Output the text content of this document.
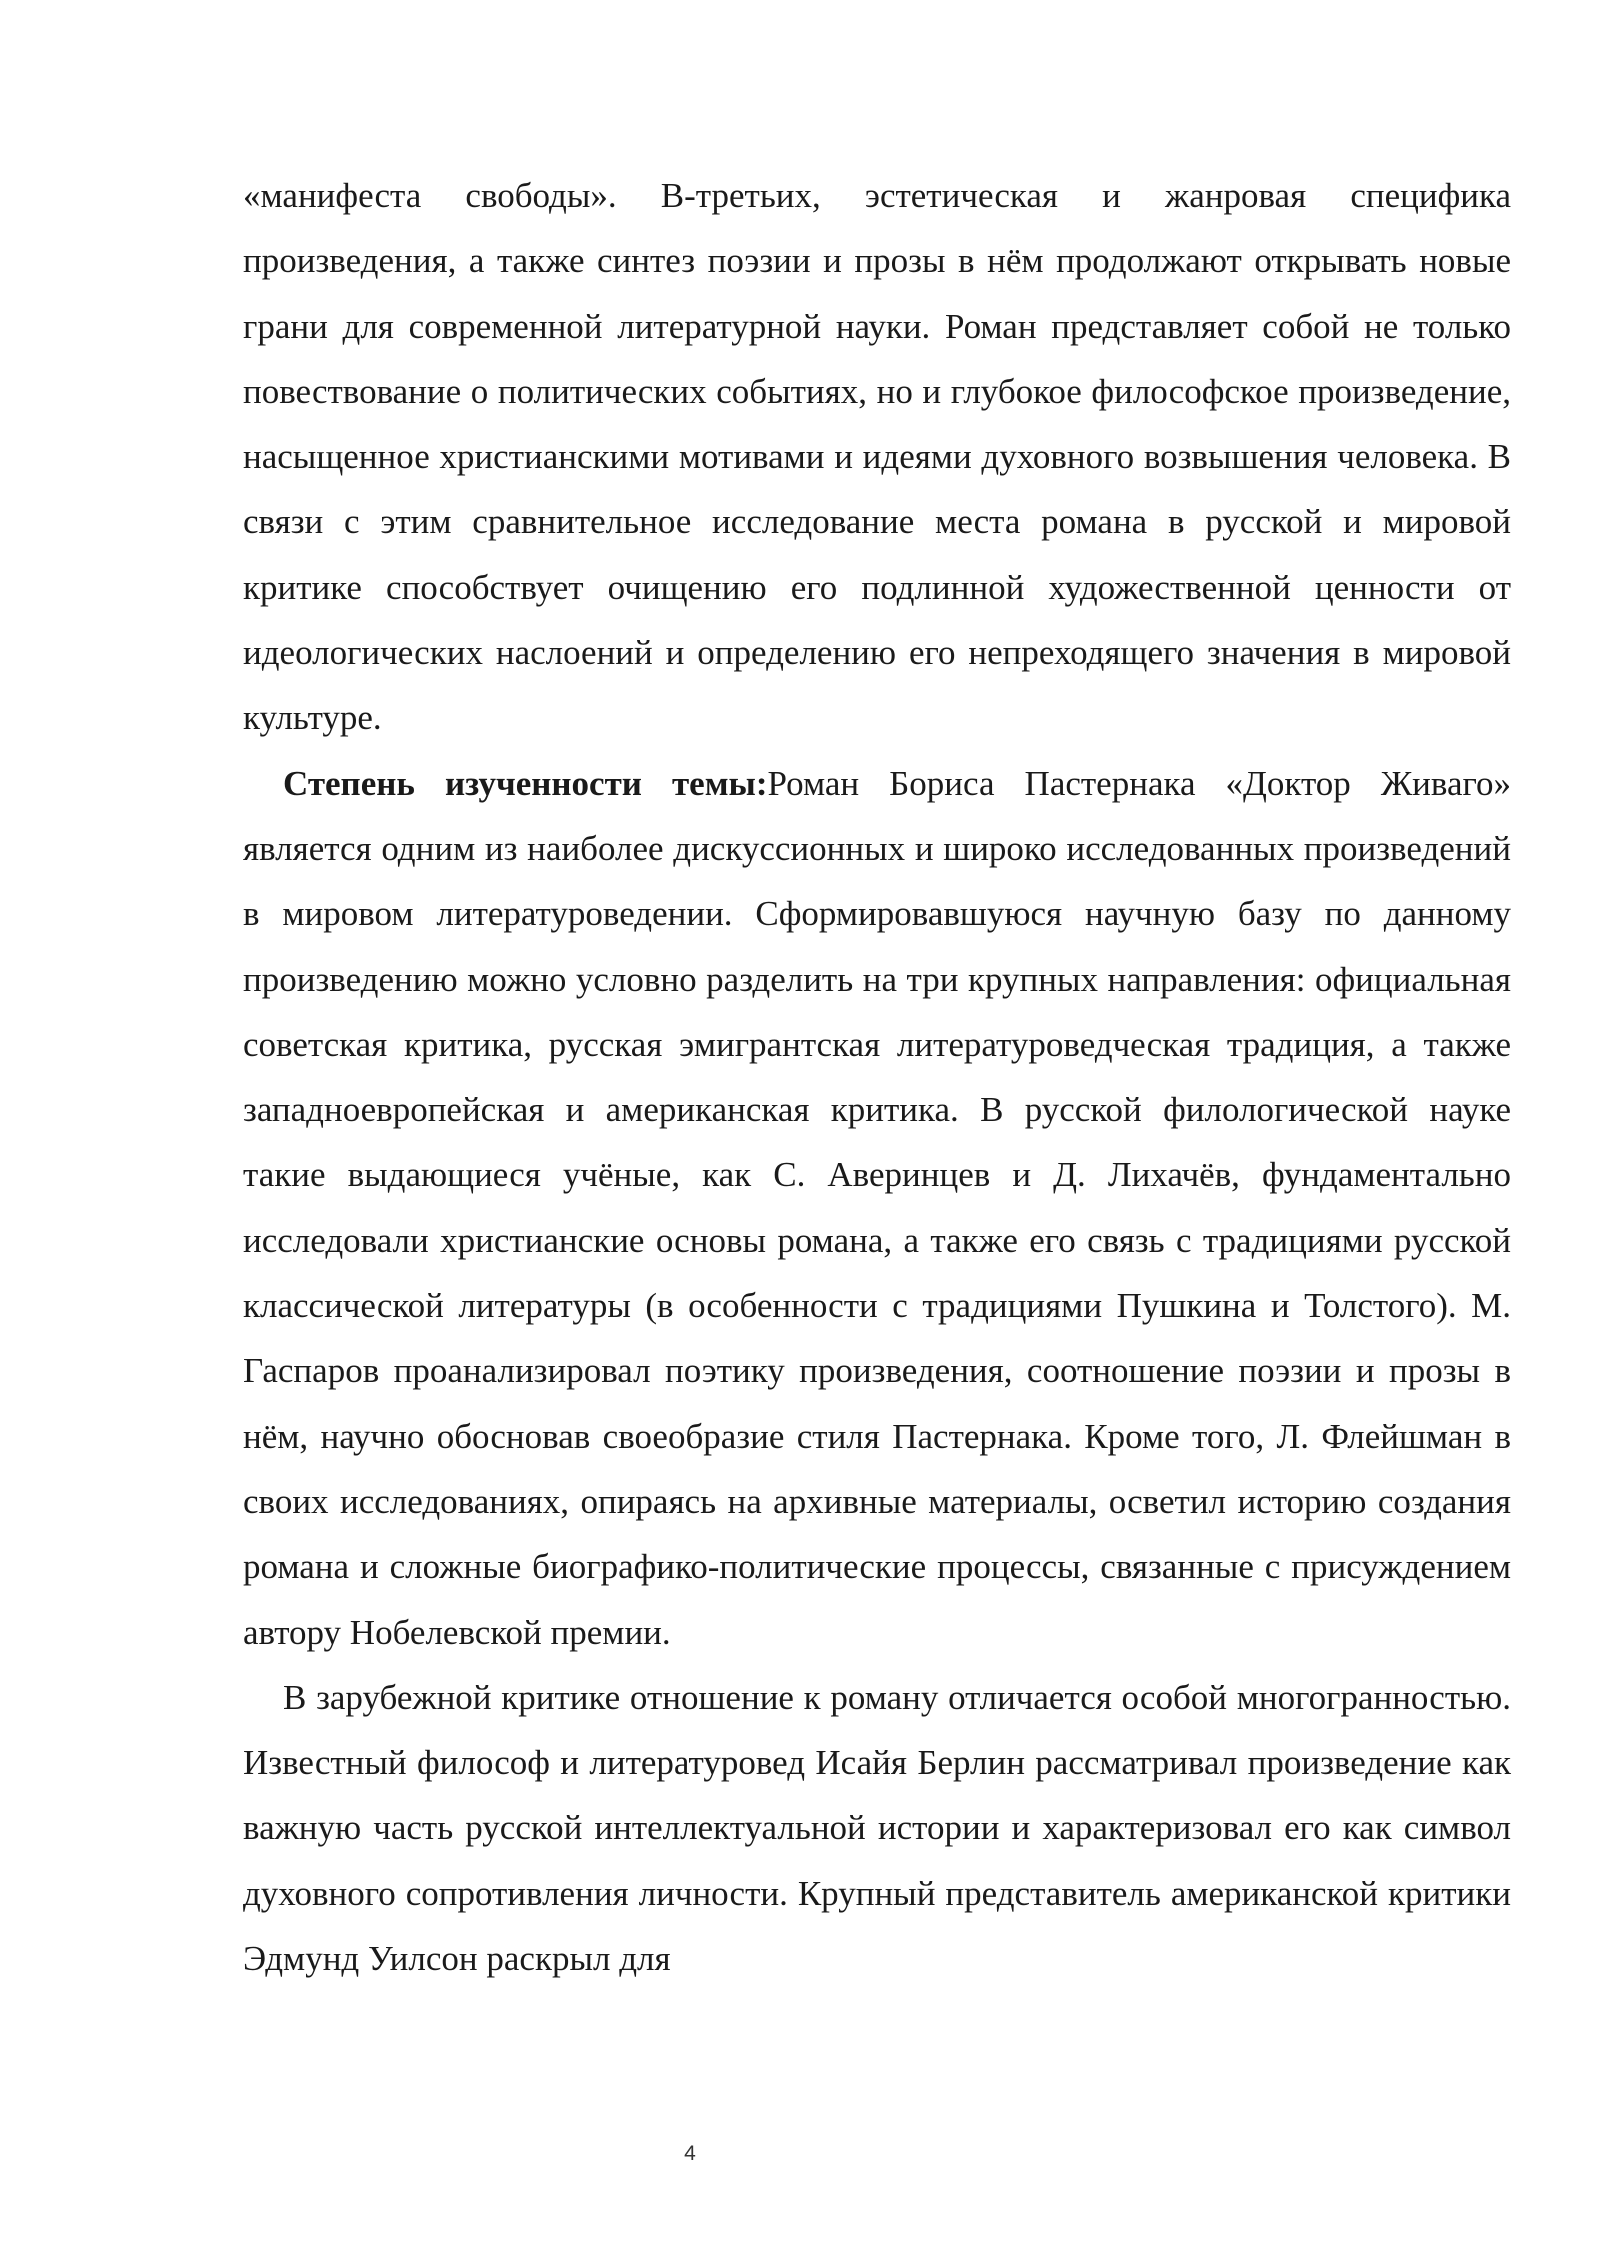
«манифеста свободы». В-третьих, эстетическая и жанровая специфика произведения, а также синтез поэзии и прозы в нём продолжают открывать новые грани для современной литературной науки. Роман представляет собой не только повествование о политических событиях, но и глубокое философское произведение, насыщенное христианскими мотивами и идеями духовного возвышения человека. В связи с этим сравнительное исследование места романа в русской и мировой критике способствует очищению его подлинной художественной ценности от идеологических наслоений и определению его непреходящего значения в мировой культуре.

Степень изученности темы:Роман Бориса Пастернака «Доктор Живаго» является одним из наиболее дискуссионных и широко исследованных произведений в мировом литературоведении. Сформировавшуюся научную базу по данному произведению можно условно разделить на три крупных направления: официальная советская критика, русская эмигрантская литературоведческая традиция, а также западноевропейская и американская критика. В русской филологической науке такие выдающиеся учёные, как С. Аверинцев и Д. Лихачёв, фундаментально исследовали христианские основы романа, а также его связь с традициями русской классической литературы (в особенности с традициями Пушкина и Толстого). М. Гаспаров проанализировал поэтику произведения, соотношение поэзии и прозы в нём, научно обосновав своеобразие стиля Пастернака. Кроме того, Л. Флейшман в своих исследованиях, опираясь на архивные материалы, осветил историю создания романа и сложные биографико-политические процессы, связанные с присуждением автору Нобелевской премии.

В зарубежной критике отношение к роману отличается особой многогранностью. Известный философ и литературовед Исайя Берлин рассматривал произведение как важную часть русской интеллектуальной истории и характеризовал его как символ духовного сопротивления личности. Крупный представитель американской критики Эдмунд Уилсон раскрыл для

4
